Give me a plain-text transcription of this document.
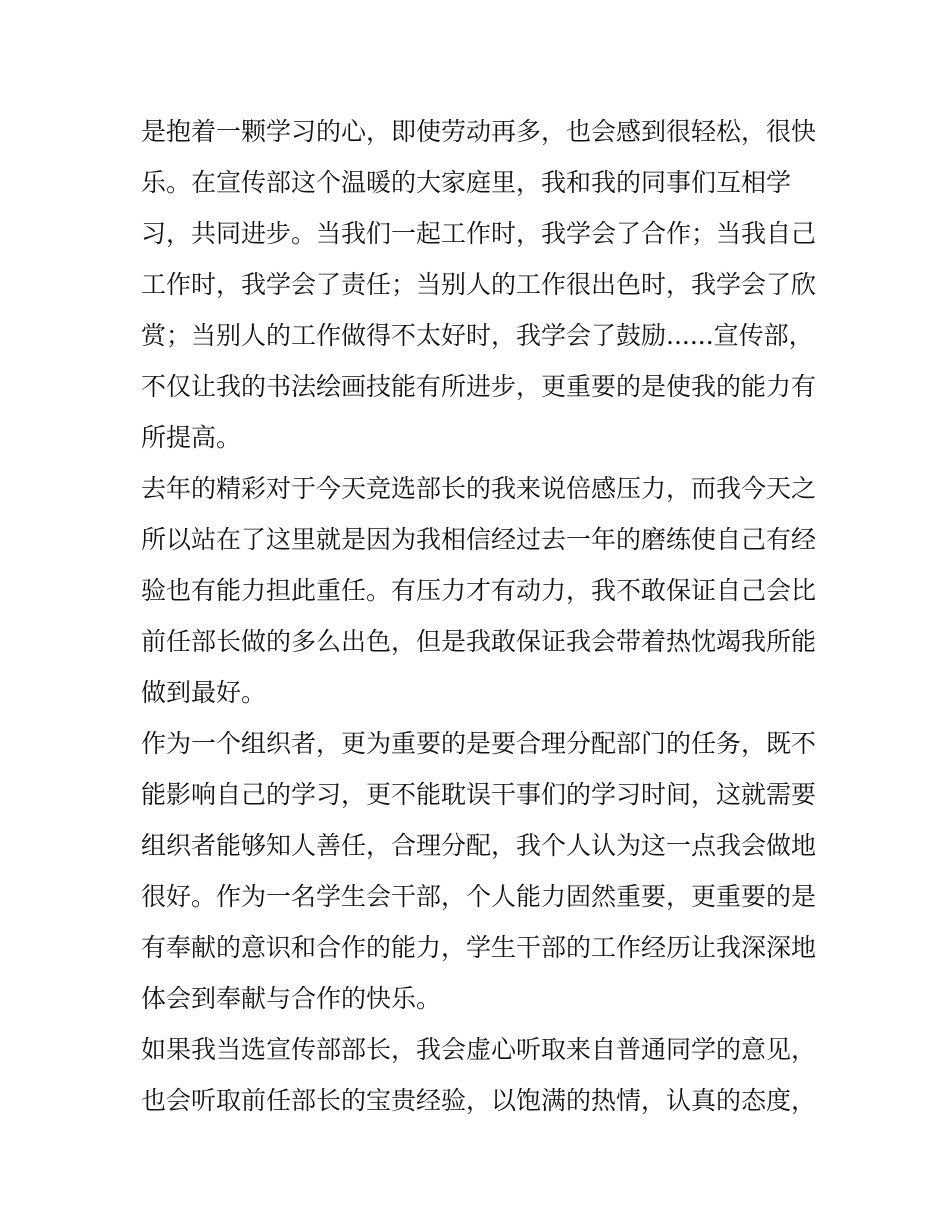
是抱着一颗学习的心，即使劳动再多，也会感到很轻松，很快
乐。在宣传部这个温暖的大家庭里，我和我的同事们互相学
习，共同进步。当我们一起工作时，我学会了合作；当我自己
工作时，我学会了责任；当别人的工作很出色时，我学会了欣
赏；当别人的工作做得不太好时，我学会了鼓励......宣传部，
不仅让我的书法绘画技能有所进步，更重要的是使我的能力有
所提高。
去年的精彩对于今天竞选部长的我来说倍感压力，而我今天之
所以站在了这里就是因为我相信经过去一年的磨练使自己有经
验也有能力担此重任。有压力才有动力，我不敢保证自己会比
前任部长做的多么出色，但是我敢保证我会带着热忱竭我所能
做到最好。
作为一个组织者，更为重要的是要合理分配部门的任务，既不
能影响自己的学习，更不能耽误干事们的学习时间，这就需要
组织者能够知人善任，合理分配，我个人认为这一点我会做地
很好。作为一名学生会干部，个人能力固然重要，更重要的是
有奉献的意识和合作的能力，学生干部的工作经历让我深深地
体会到奉献与合作的快乐。
如果我当选宣传部部长，我会虚心听取来自普通同学的意见，
也会听取前任部长的宝贵经验，以饱满的热情，认真的态度，
